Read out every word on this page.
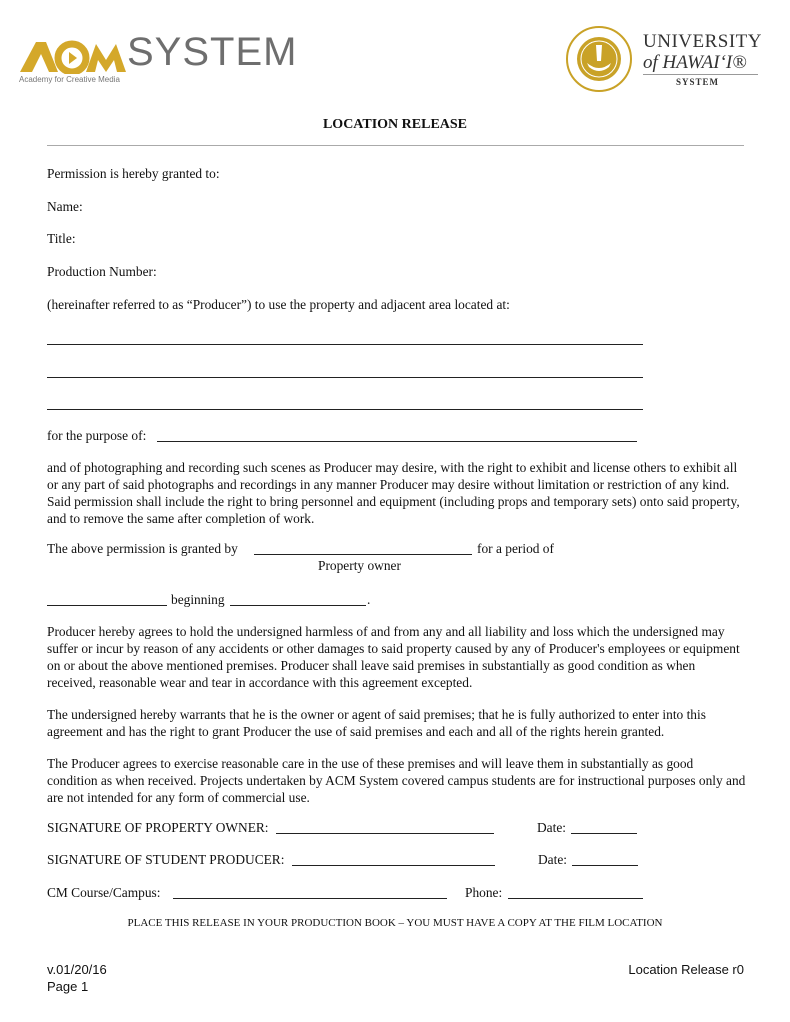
SYSTEM
Academy for Creative Media
UNIVERSITY
of HAWAIʻI®
SYSTEM
LOCATION RELEASE
Permission is hereby granted to:
Name:
Title:
Production Number:
(hereinafter referred to as “Producer”) to use the property and adjacent area located at:
for the purpose of:
and of photographing and recording such scenes as Producer may desire, with the right to exhibit and license others to exhibit all or any part of said photographs and recordings in any manner Producer may desire without limitation or restriction of any kind. Said permission shall include the right to bring personnel and equipment (including props and temporary sets) onto said property, and to remove the same after completion of work.
The above permission is granted by	for a period of
Property owner
beginning	.
Producer hereby agrees to hold the undersigned harmless of and from any and all liability and loss which the undersigned may suffer or incur by reason of any accidents or other damages to said property caused by any of Producer's employees or equipment on or about the above mentioned premises. Producer shall leave said premises in substantially as good condition as when received, reasonable wear and tear in accordance with this agreement excepted.
The undersigned hereby warrants that he is the owner or agent of said premises; that he is fully authorized to enter into this agreement and has the right to grant Producer the use of said premises and each and all of the rights herein granted.
The Producer agrees to exercise reasonable care in the use of these premises and will leave them in substantially as good condition as when received. Projects undertaken by ACM System covered campus students are for instructional purposes only and are not intended for any form of commercial use.
SIGNATURE OF PROPERTY OWNER:	Date:
SIGNATURE OF STUDENT PRODUCER:	Date:
CM Course/Campus:	Phone:
PLACE THIS RELEASE IN YOUR PRODUCTION BOOK – YOU MUST HAVE A COPY AT THE FILM LOCATION
v.01/20/16
Page 1
Location Release r0
